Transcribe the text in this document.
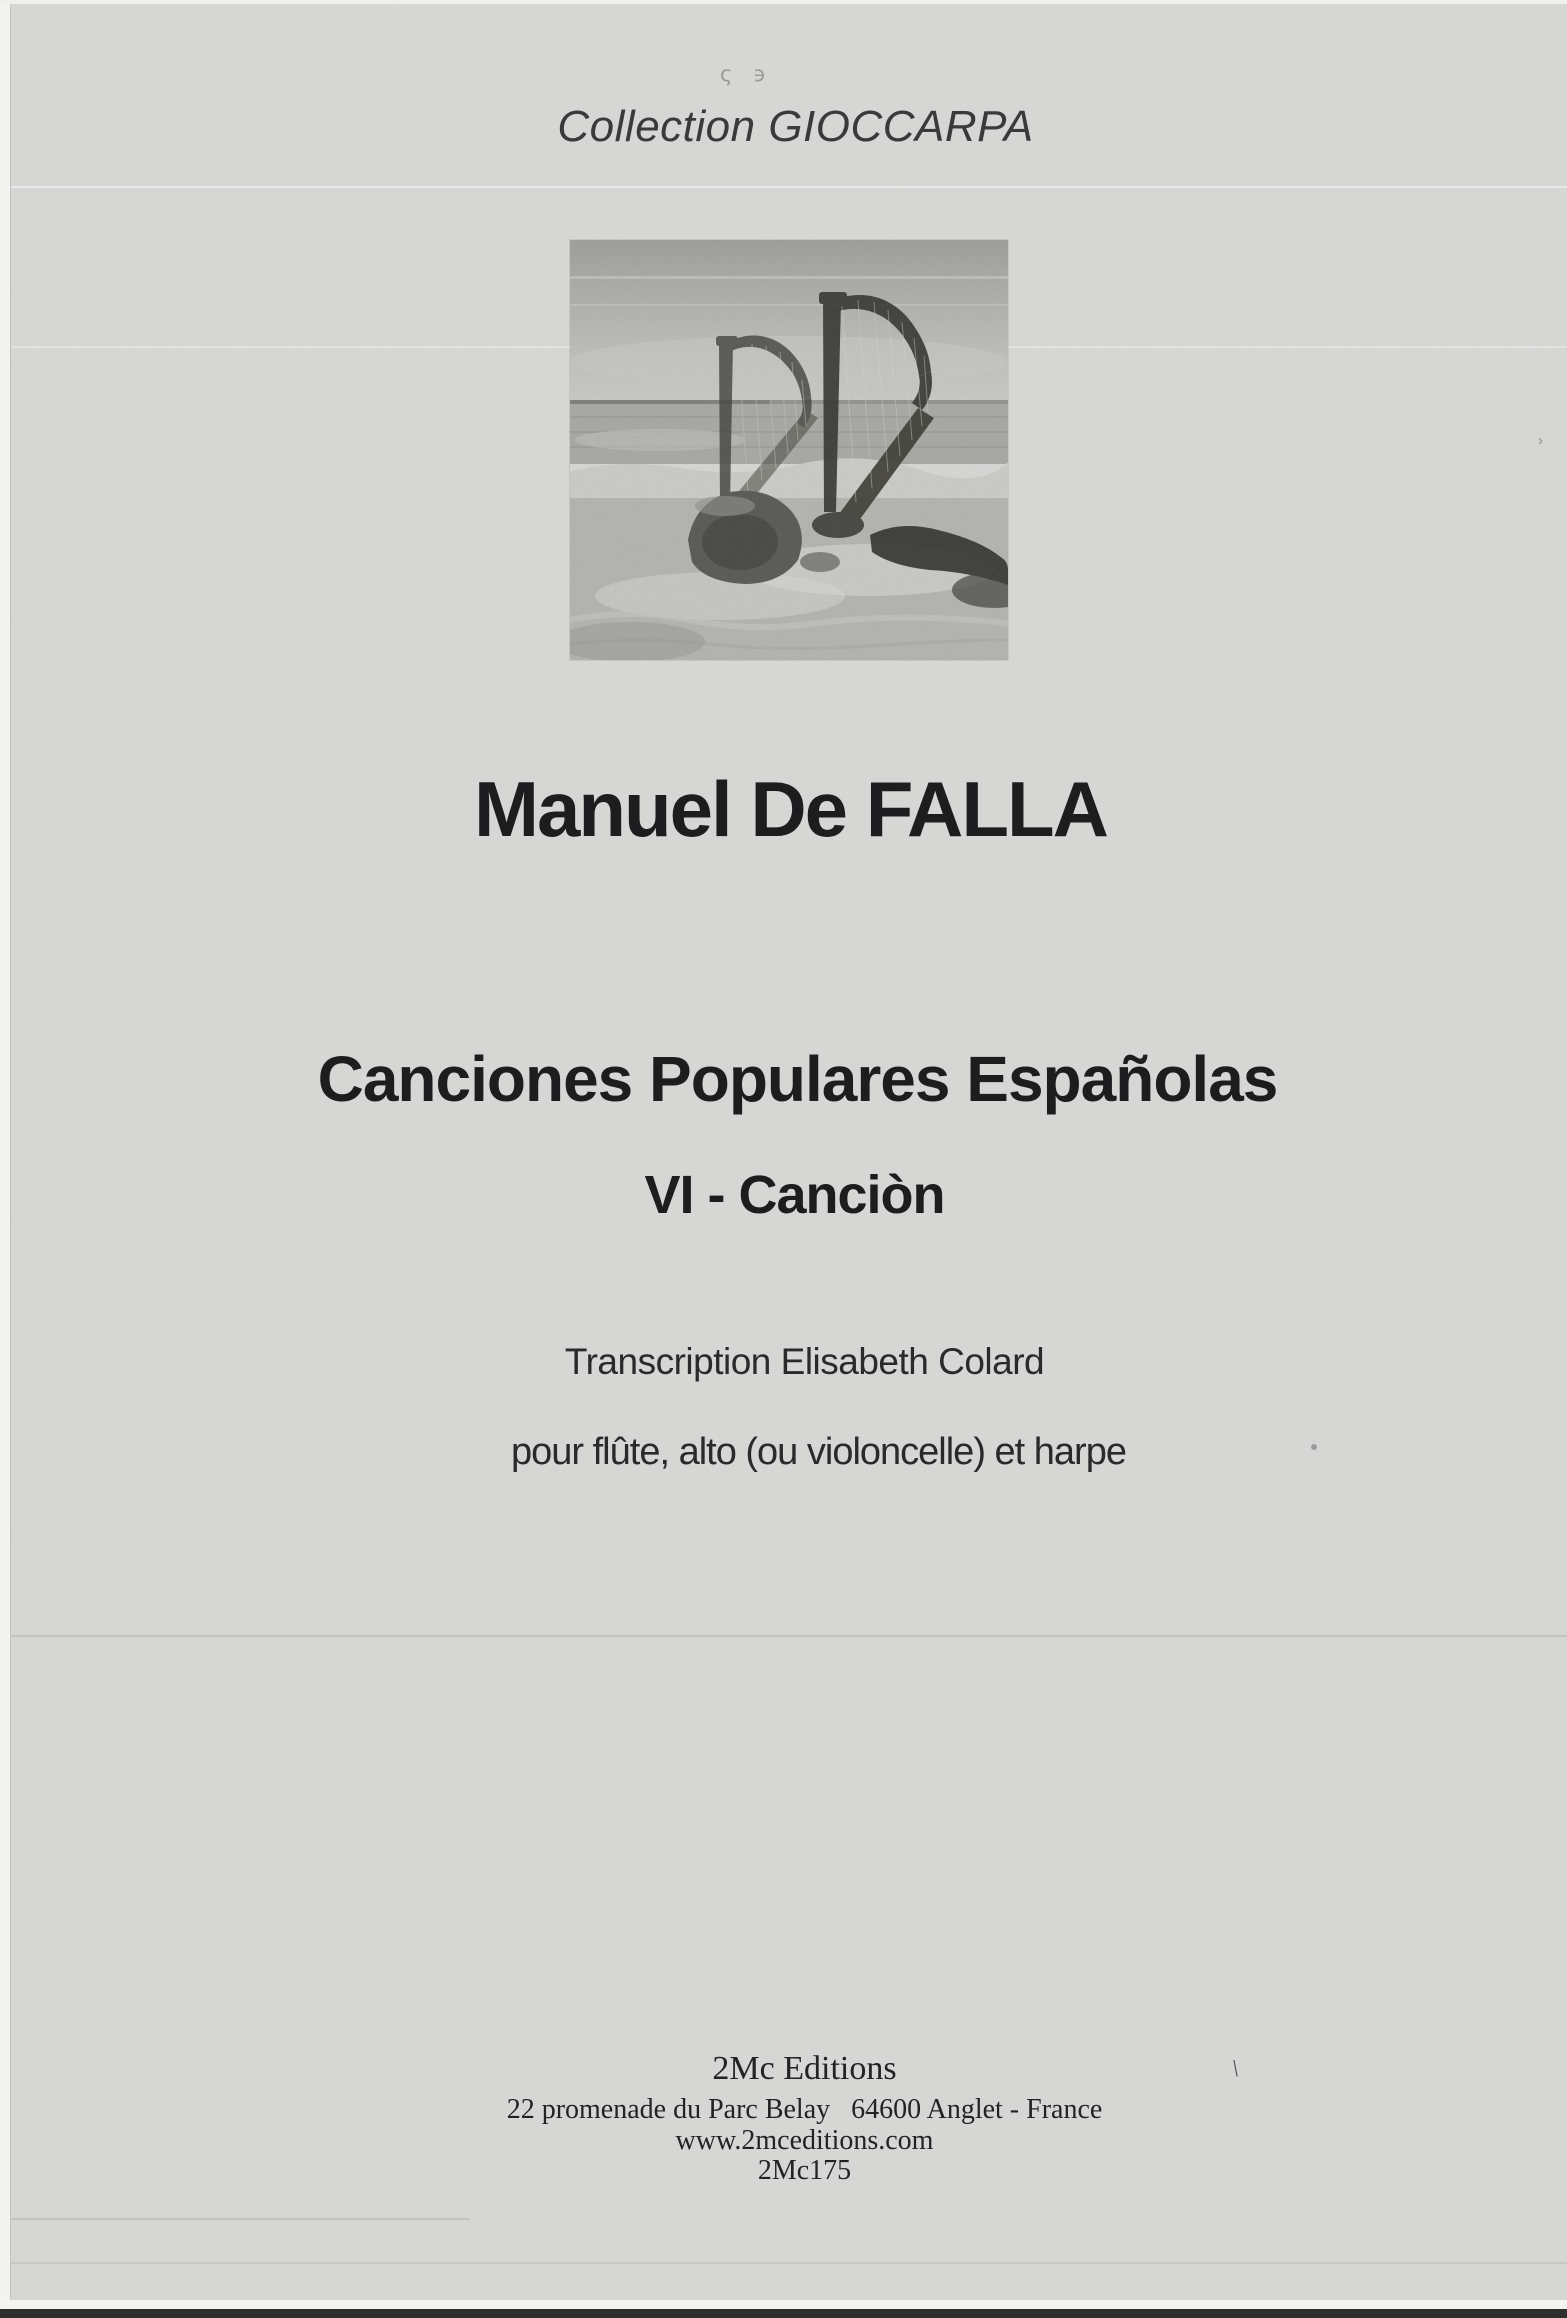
ς ϶
Collection GIOCCARPA
Manuel De FALLA
Canciones Populares Españolas
VI - Canciòn
Transcription Elisabeth Colard
pour flûte, alto (ou violoncelle) et harpe
›
2Mc Editions	\
22 promenade du Parc Belay   64600 Anglet - France
www.2mceditions.com
2Mc175
